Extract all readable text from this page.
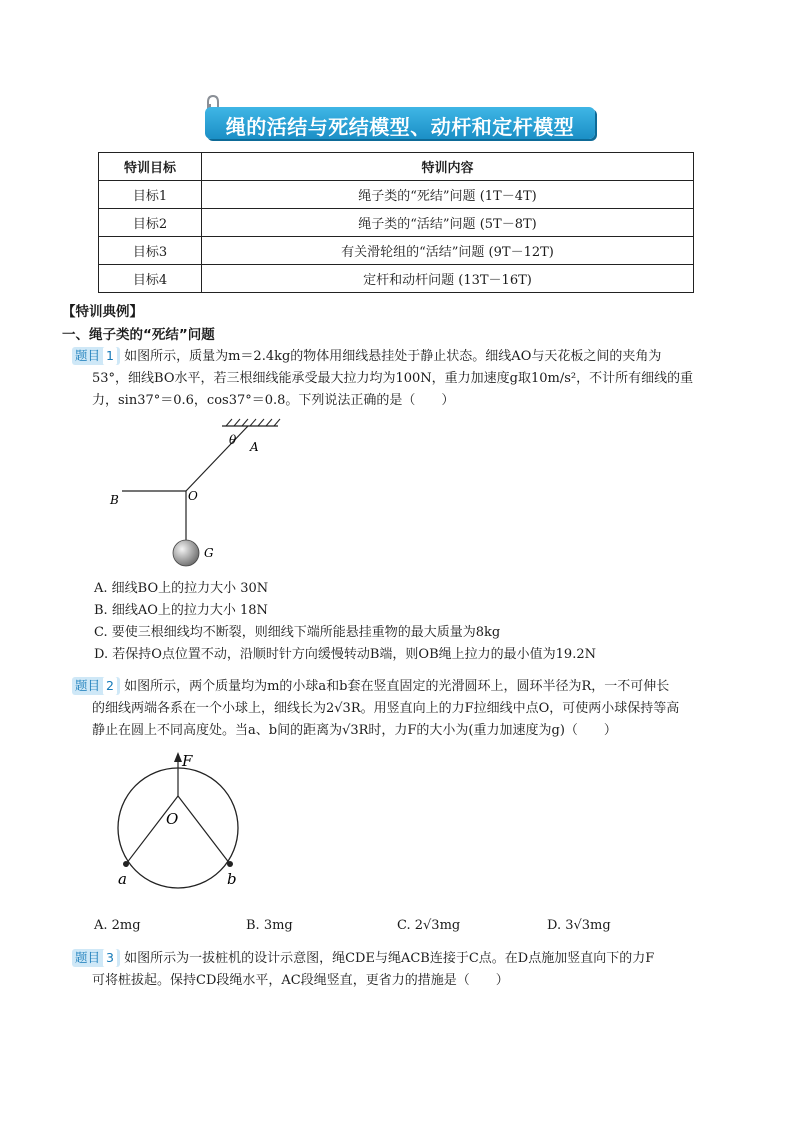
绳的活结与死结模型、动杆和定杆模型
特训目标	特训内容
目标1	绳子类的“死结”问题 (1T－4T)
目标2	绳子类的“活结”问题 (5T－8T)
目标3	有关滑轮组的“活结”问题 (9T－12T)
目标4	定杆和动杆问题 (13T－16T)
【特训典例】
一、绳子类的“死结”问题
题目 1 如图所示，质量为m＝2.4kg的物体用细线悬挂处于静止状态。细线AO与天花板之间的夹角为
53°，细线BO水平，若三根细线能承受最大拉力均为100N，重力加速度g取10m/s²，不计所有细线的重
力，sin37°＝0.6，cos37°＝0.8。下列说法正确的是（　　）
θ A
B	O
G
A. 细线BO上的拉力大小 30N
B. 细线AO上的拉力大小 18N
C. 要使三根细线均不断裂，则细线下端所能悬挂重物的最大质量为8kg
D. 若保持O点位置不动，沿顺时针方向缓慢转动B端，则OB绳上拉力的最小值为19.2N
题目 2 如图所示，两个质量均为m的小球a和b套在竖直固定的光滑圆环上，圆环半径为R，一不可伸长
的细线两端各系在一个小球上，细线长为2√3R。用竖直向上的力F拉细线中点O，可使两小球保持等高
静止在圆上不同高度处。当a、b间的距离为√3R时，力F的大小为(重力加速度为g)（　　）
F
O
a	b
A. 2mg	B. 3mg	C. 2√3mg	D. 3√3mg
题目 3 如图所示为一拔桩机的设计示意图，绳CDE与绳ACB连接于C点。在D点施加竖直向下的力F
可将桩拔起。保持CD段绳水平，AC段绳竖直，更省力的措施是（　　）
